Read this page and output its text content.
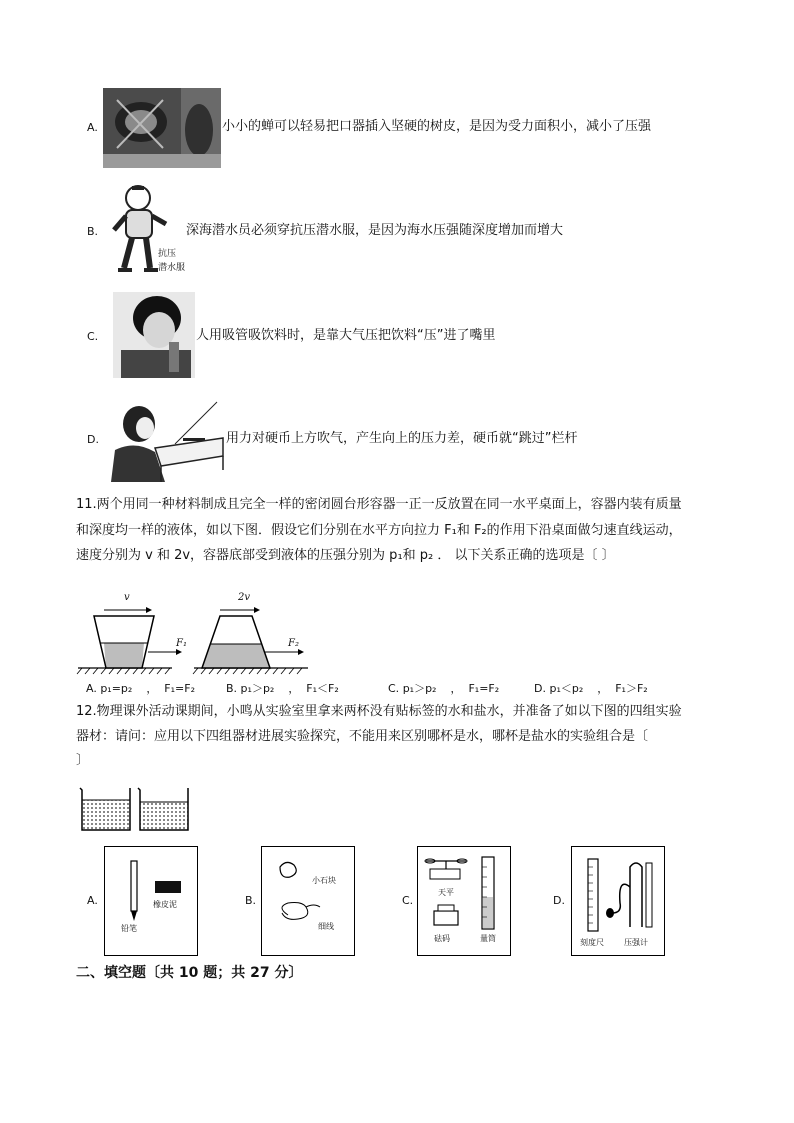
A.	小小的蝉可以轻易把口器插入坚硬的树皮，是因为受力面积小，减小了压强
B.
抗压
潜水服
深海潜水员必须穿抗压潜水服，是因为海水压强随深度增加而增大
C.	人用吸管吸饮料时，是靠大气压把饮料“压”进了嘴里
D.	用力对硬币上方吹气，产生向上的压力差，硬币就“跳过”栏杆
11.两个用同一种材料制成且完全一样的密闭圆台形容器一正一反放置在同一水平桌面上，容器内装有质量
和深度均一样的液体，如以下图．假设它们分别在水平方向拉力 F₁和 F₂的作用下沿桌面做匀速直线运动，
速度分别为 v 和 2v，容器底部受到液体的压强分别为 p₁和 p₂ ． 以下关系正确的选项是〔 〕
v	2v
F₁	F₂
A. p₁=p₂    ，  F₁=F₂	B. p₁＞p₂    ，  F₁＜F₂	C. p₁＞p₂    ，  F₁=F₂	D. p₁＜p₂    ，  F₁＞F₂
12.物理课外活动课期间，小鸣从实验室里拿来两杯没有贴标签的水和盐水，并准备了如以下图的四组实验
器材：请问：应用以下四组器材进展实验探究，不能用来区别哪杯是水，哪杯是盐水的实验组合是〔
〕
A.
铅笔
橡皮泥	B.
小石块
细线
C.
天平
砝码	量筒
D.
刻度尺	压强计
二、填空题〔共 10 题；共 27 分〕
